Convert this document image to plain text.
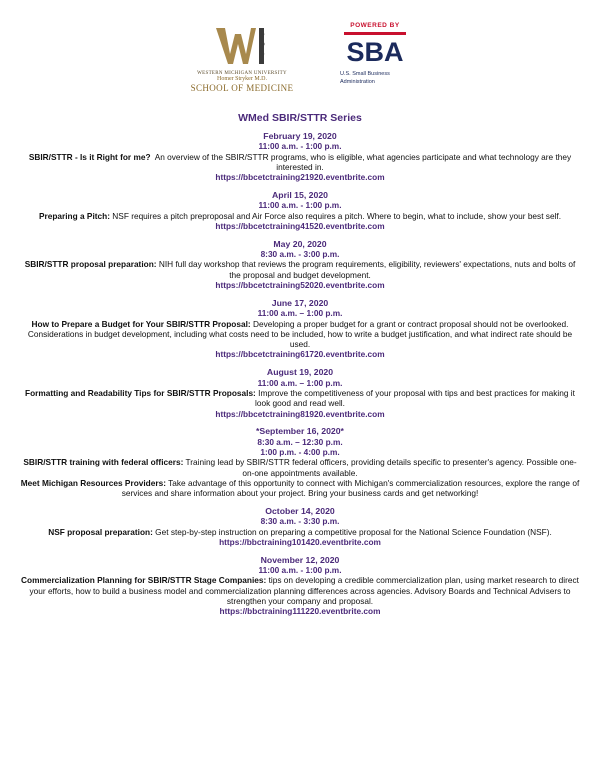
WESTERN MICHIGAN UNIVERSITY
Homer Stryker M.D.
SCHOOL OF MEDICINE
POWERED BY
SBA
U.S. Small Business
Administration
WMed SBIR/STTR Series
February 19, 2020
11:00 a.m. - 1:00 p.m.
SBIR/STTR - Is it Right for me? An overview of the SBIR/STTR programs, who is eligible, what agencies participate and what technology are they interested in.
https://bbcetctraining21920.eventbrite.com
April 15, 2020
11:00 a.m. - 1:00 p.m.
Preparing a Pitch: NSF requires a pitch preproposal and Air Force also requires a pitch. Where to begin, what to include, show your best self.
https://bbcetctraining41520.eventbrite.com
May 20, 2020
8:30 a.m. - 3:00 p.m.
SBIR/STTR proposal preparation: NIH full day workshop that reviews the program requirements, eligibility, reviewers' expectations, nuts and bolts of the proposal and budget development.
https://bbcetctraining52020.eventbrite.com
June 17, 2020
11:00 a.m. – 1:00 p.m.
How to Prepare a Budget for Your SBIR/STTR Proposal: Developing a proper budget for a grant or contract proposal should not be overlooked. Considerations in budget development, including what costs need to be included, how to write a budget justification, and what indirect rate should be used.
https://bbcetctraining61720.eventbrite.com
August 19, 2020
11:00 a.m. – 1:00 p.m.
Formatting and Readability Tips for SBIR/STTR Proposals: Improve the competitiveness of your proposal with tips and best practices for making it look good and read well.
https://bbcetctraining81920.eventbrite.com
*September 16, 2020*
8:30 a.m. – 12:30 p.m.
1:00 p.m. - 4:00 p.m.
SBIR/STTR training with federal officers: Training lead by SBIR/STTR federal officers, providing details specific to presenter's agency. Possible one-on-one appointments available.
Meet Michigan Resources Providers: Take advantage of this opportunity to connect with Michigan's commercialization resources, explore the range of services and share information about your project. Bring your business cards and get networking!
October 14, 2020
8:30 a.m. - 3:30 p.m.
NSF proposal preparation: Get step-by-step instruction on preparing a competitive proposal for the National Science Foundation (NSF).
https://bbctraining101420.eventbrite.com
November 12, 2020
11:00 a.m. - 1:00 p.m.
Commercialization Planning for SBIR/STTR Stage Companies: tips on developing a credible commercialization plan, using market research to direct your efforts, how to build a business model and commercialization planning differences across agencies. Advisory Boards and Technical Advisers to strengthen your company and proposal.
https://bbctraining111220.eventbrite.com
